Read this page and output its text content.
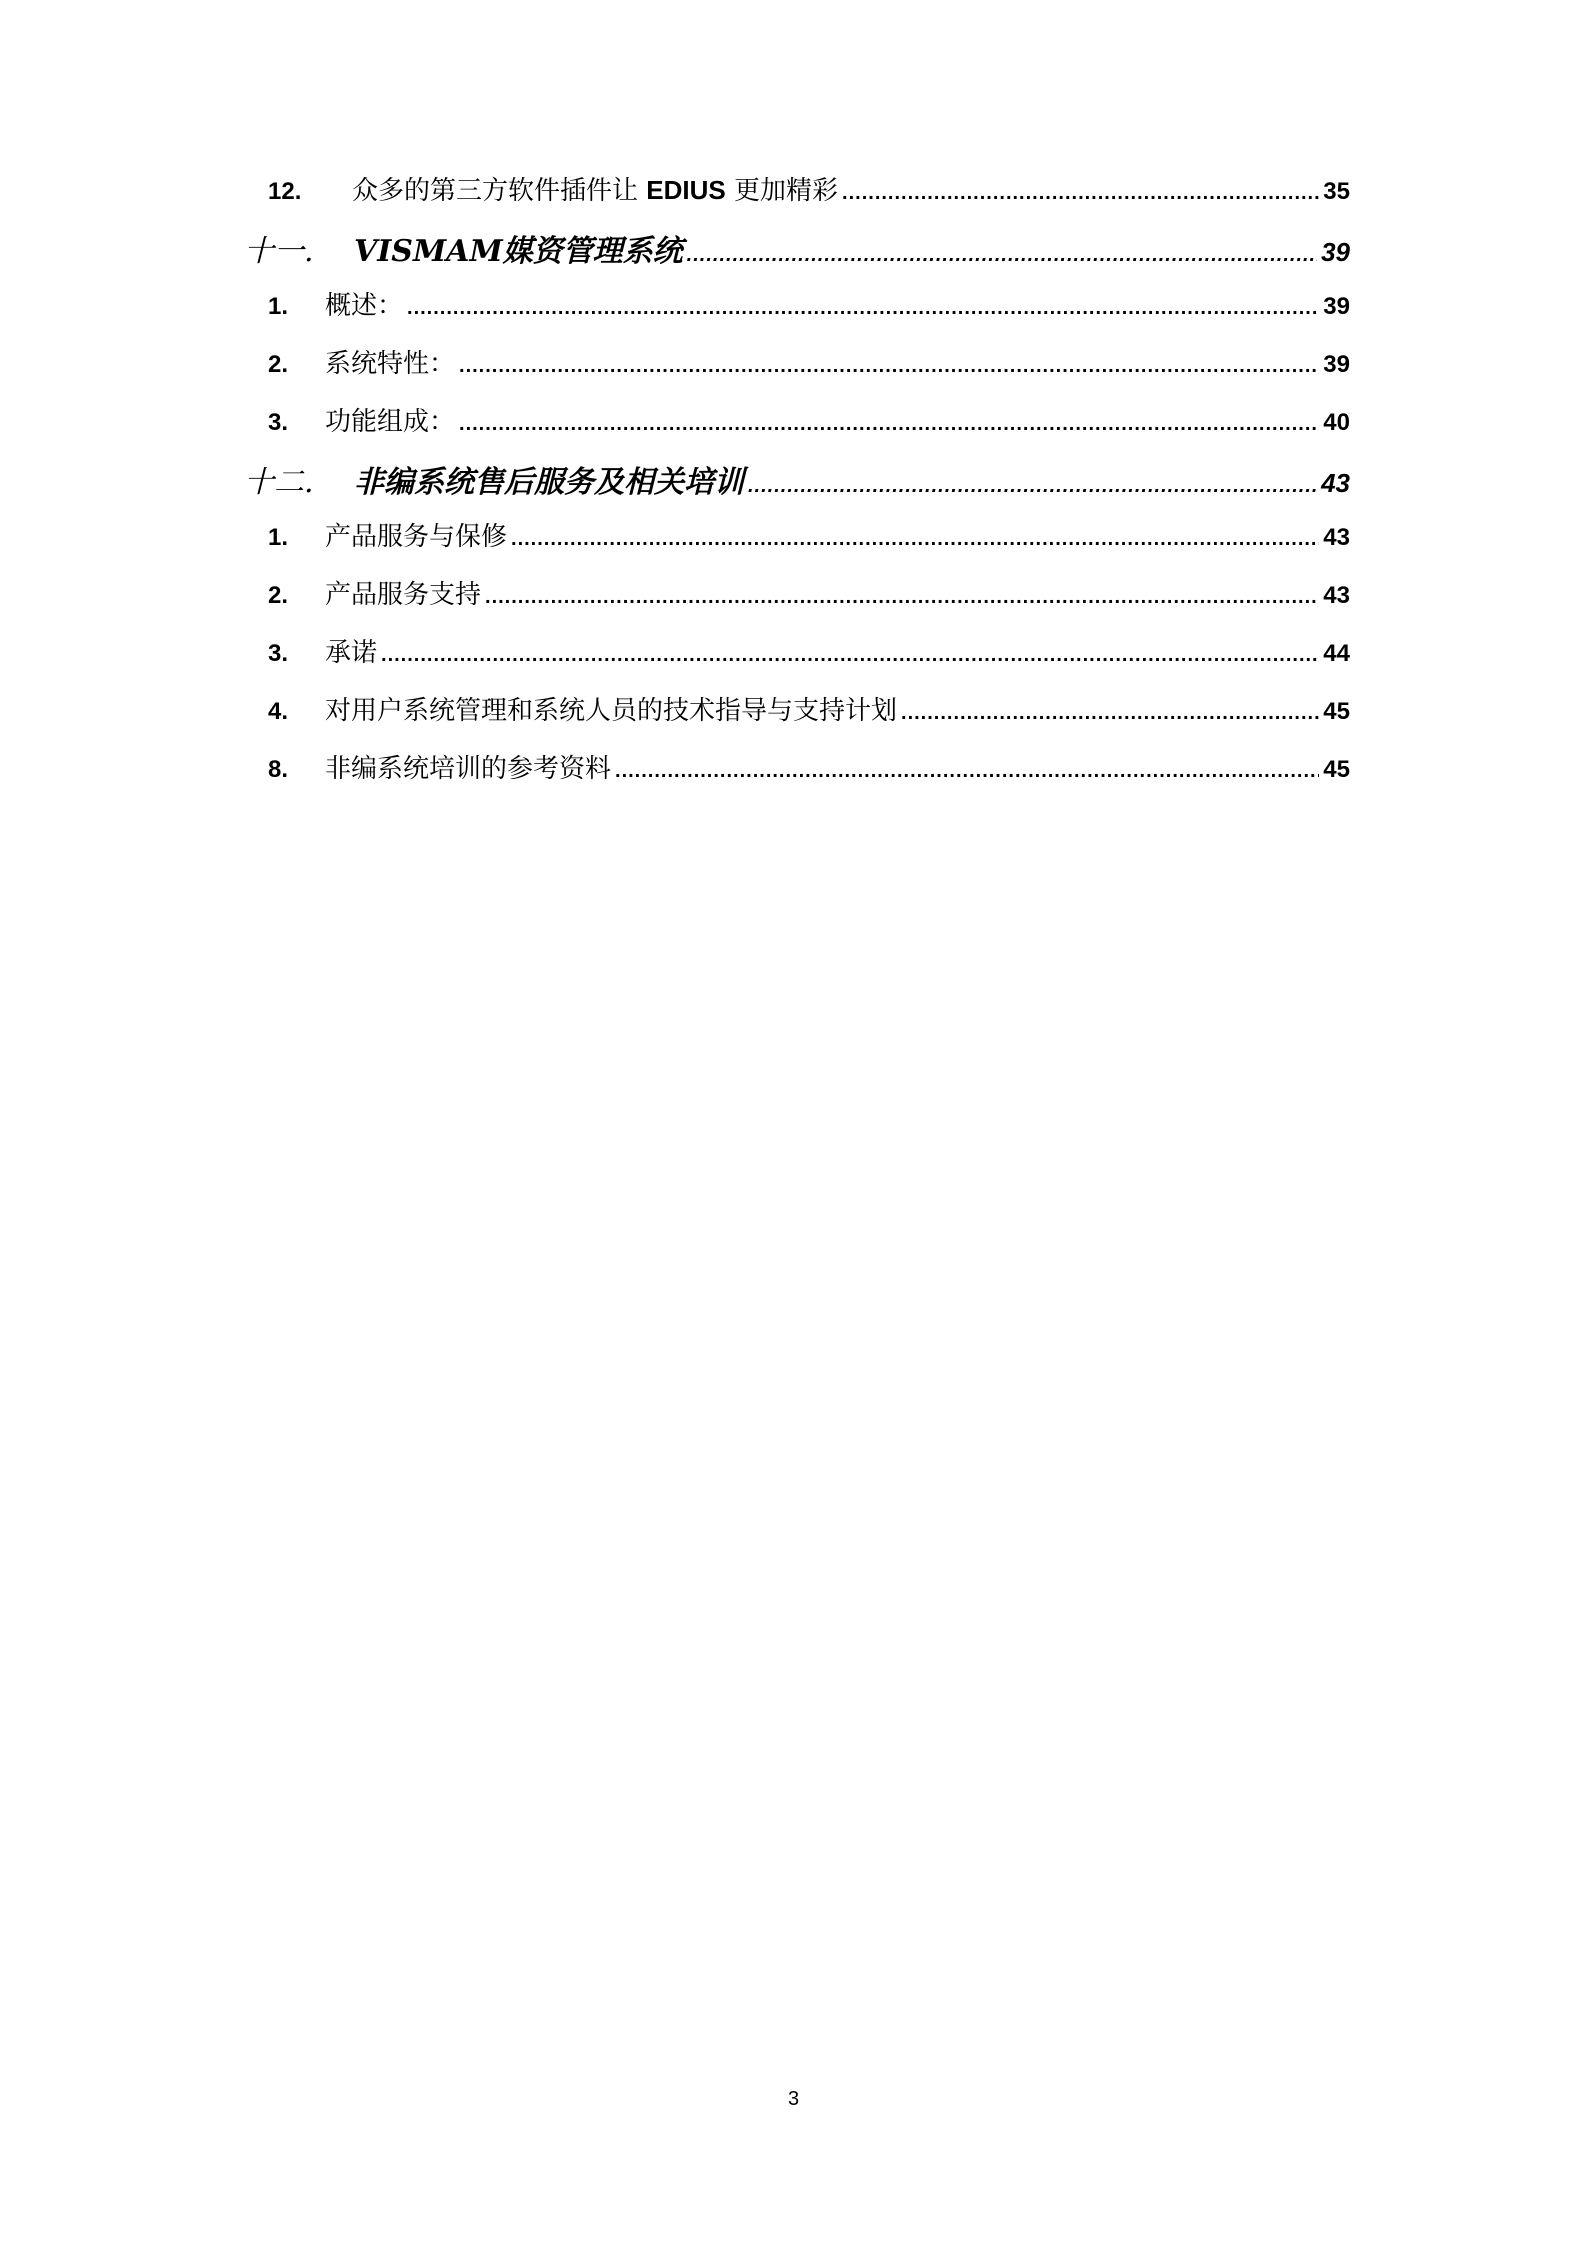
12.	众多的第三方软件插件让 EDIUS 更加精彩 .....	35
十一.	VISMAM媒资管理系统 .....	39
1.	概述： .....	39
2.	系统特性： .....	39
3.	功能组成： .....	40
十二.	非编系统售后服务及相关培训 .....	43
1.	产品服务与保修 .....	43
2.	产品服务支持 .....	43
3.	承诺 .....	44
4.	对用户系统管理和系统人员的技术指导与支持计划 .....	45
8.	非编系统培训的参考资料 .....	45
3
